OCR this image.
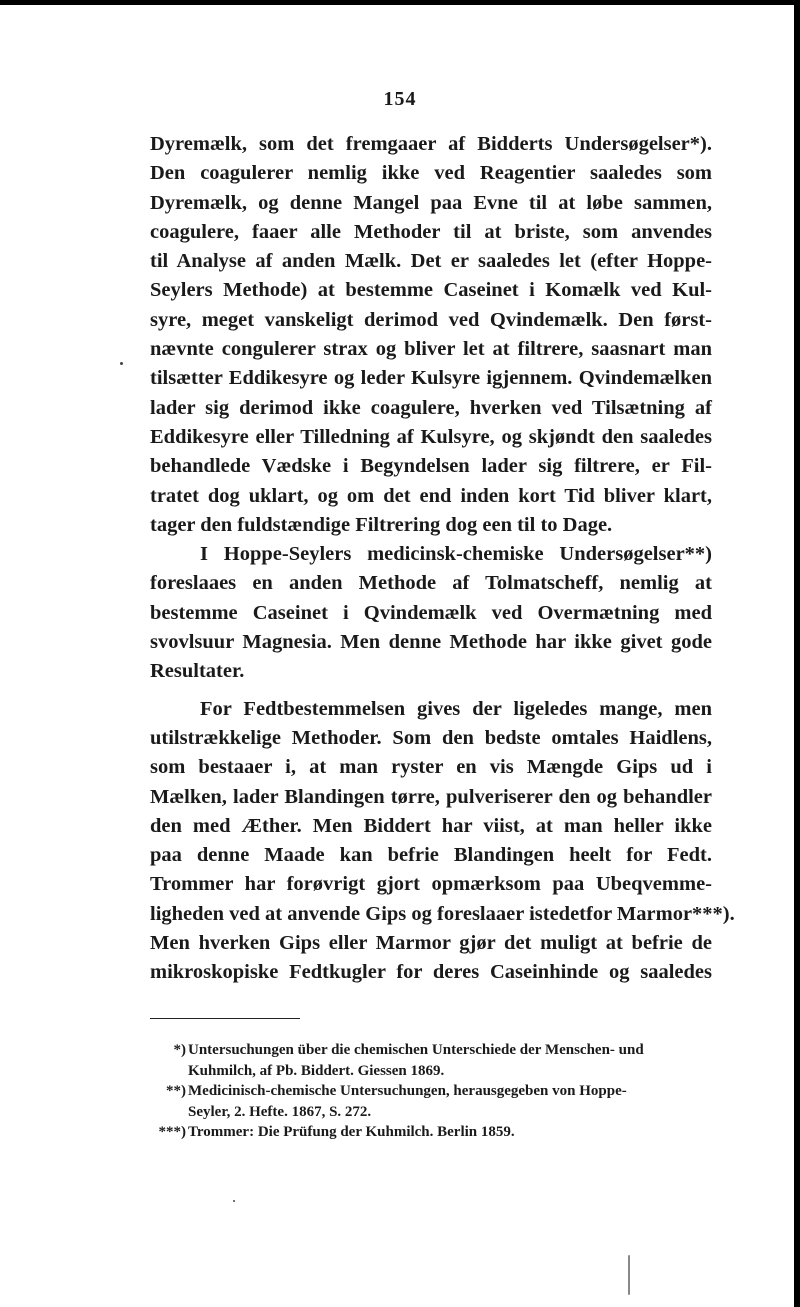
154
Dyremælk, som det fremgaaer af Bidderts Undersøgelser*).
Den coagulerer nemlig ikke ved Reagentier saaledes som
Dyremælk, og denne Mangel paa Evne til at løbe sammen,
coagulere, faaer alle Methoder til at briste, som anvendes
til Analyse af anden Mælk. Det er saaledes let (efter Hoppe-
Seylers Methode) at bestemme Caseinet i Komælk ved Kul-
syre, meget vanskeligt derimod ved Qvindemælk. Den først-
nævnte congulerer strax og bliver let at filtrere, saasnart man
tilsætter Eddikesyre og leder Kulsyre igjennem. Qvindemælken
lader sig derimod ikke coagulere, hverken ved Tilsætning af
Eddikesyre eller Tilledning af Kulsyre, og skjøndt den saaledes
behandlede Vædske i Begyndelsen lader sig filtrere, er Fil-
tratet dog uklart, og om det end inden kort Tid bliver klart,
tager den fuldstændige Filtrering dog een til to Dage.
I Hoppe-Seylers medicinsk-chemiske Undersøgelser**)
foreslaaes en anden Methode af Tolmatscheff, nemlig at
bestemme Caseinet i Qvindemælk ved Overmætning med
svovlsuur Magnesia. Men denne Methode har ikke givet gode
Resultater.
For Fedtbestemmelsen gives der ligeledes mange, men
utilstrækkelige Methoder. Som den bedste omtales Haidlens,
som bestaaer i, at man ryster en vis Mængde Gips ud i
Mælken, lader Blandingen tørre, pulveriserer den og behandler
den med Æther. Men Biddert har viist, at man heller ikke
paa denne Maade kan befrie Blandingen heelt for Fedt.
Trommer har forøvrigt gjort opmærksom paa Ubeqvemme-
ligheden ved at anvende Gips og foreslaaer istedetfor Marmor***).
Men hverken Gips eller Marmor gjør det muligt at befrie de
mikroskopiske Fedtkugler for deres Caseinhinde og saaledes
*) Untersuchungen über die chemischen Unterschiede der Menschen- und
Kuhmilch, af Pb. Biddert. Giessen 1869.
**) Medicinisch-chemische Untersuchungen, herausgegeben von Hoppe-
Seyler, 2. Hefte. 1867, S. 272.
***) Trommer: Die Prüfung der Kuhmilch. Berlin 1859.
